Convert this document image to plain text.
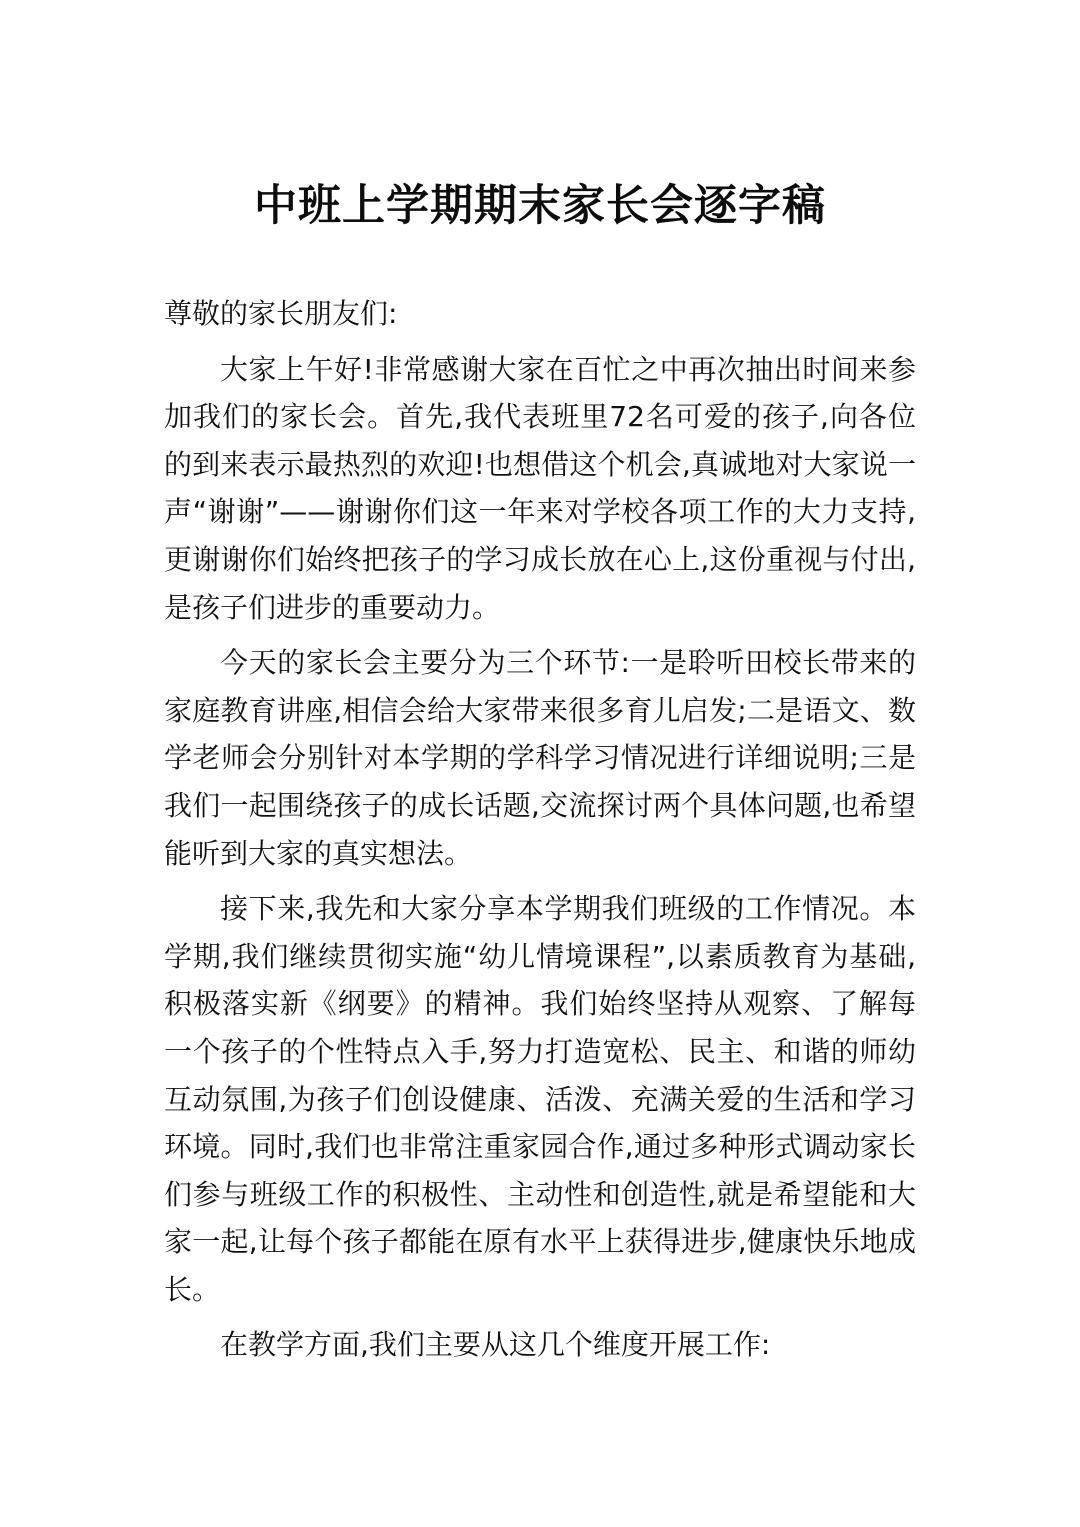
中班上学期期末家长会逐字稿

尊敬的家长朋友们:

大家上午好!非常感谢大家在百忙之中再次抽出时间来参加我们的家长会。首先,我代表班里72名可爱的孩子,向各位的到来表示最热烈的欢迎!也想借这个机会,真诚地对大家说一声“谢谢”——谢谢你们这一年来对学校各项工作的大力支持,更谢谢你们始终把孩子的学习成长放在心上,这份重视与付出,是孩子们进步的重要动力。

今天的家长会主要分为三个环节:一是聆听田校长带来的家庭教育讲座,相信会给大家带来很多育儿启发;二是语文、数学老师会分别针对本学期的学科学习情况进行详细说明;三是我们一起围绕孩子的成长话题,交流探讨两个具体问题,也希望能听到大家的真实想法。

接下来,我先和大家分享本学期我们班级的工作情况。本学期,我们继续贯彻实施“幼儿情境课程”,以素质教育为基础,积极落实新《纲要》的精神。我们始终坚持从观察、了解每一个孩子的个性特点入手,努力打造宽松、民主、和谐的师幼互动氛围,为孩子们创设健康、活泼、充满关爱的生活和学习环境。同时,我们也非常注重家园合作,通过多种形式调动家长们参与班级工作的积极性、主动性和创造性,就是希望能和大家一起,让每个孩子都能在原有水平上获得进步,健康快乐地成长。

在教学方面,我们主要从这几个维度开展工作:
